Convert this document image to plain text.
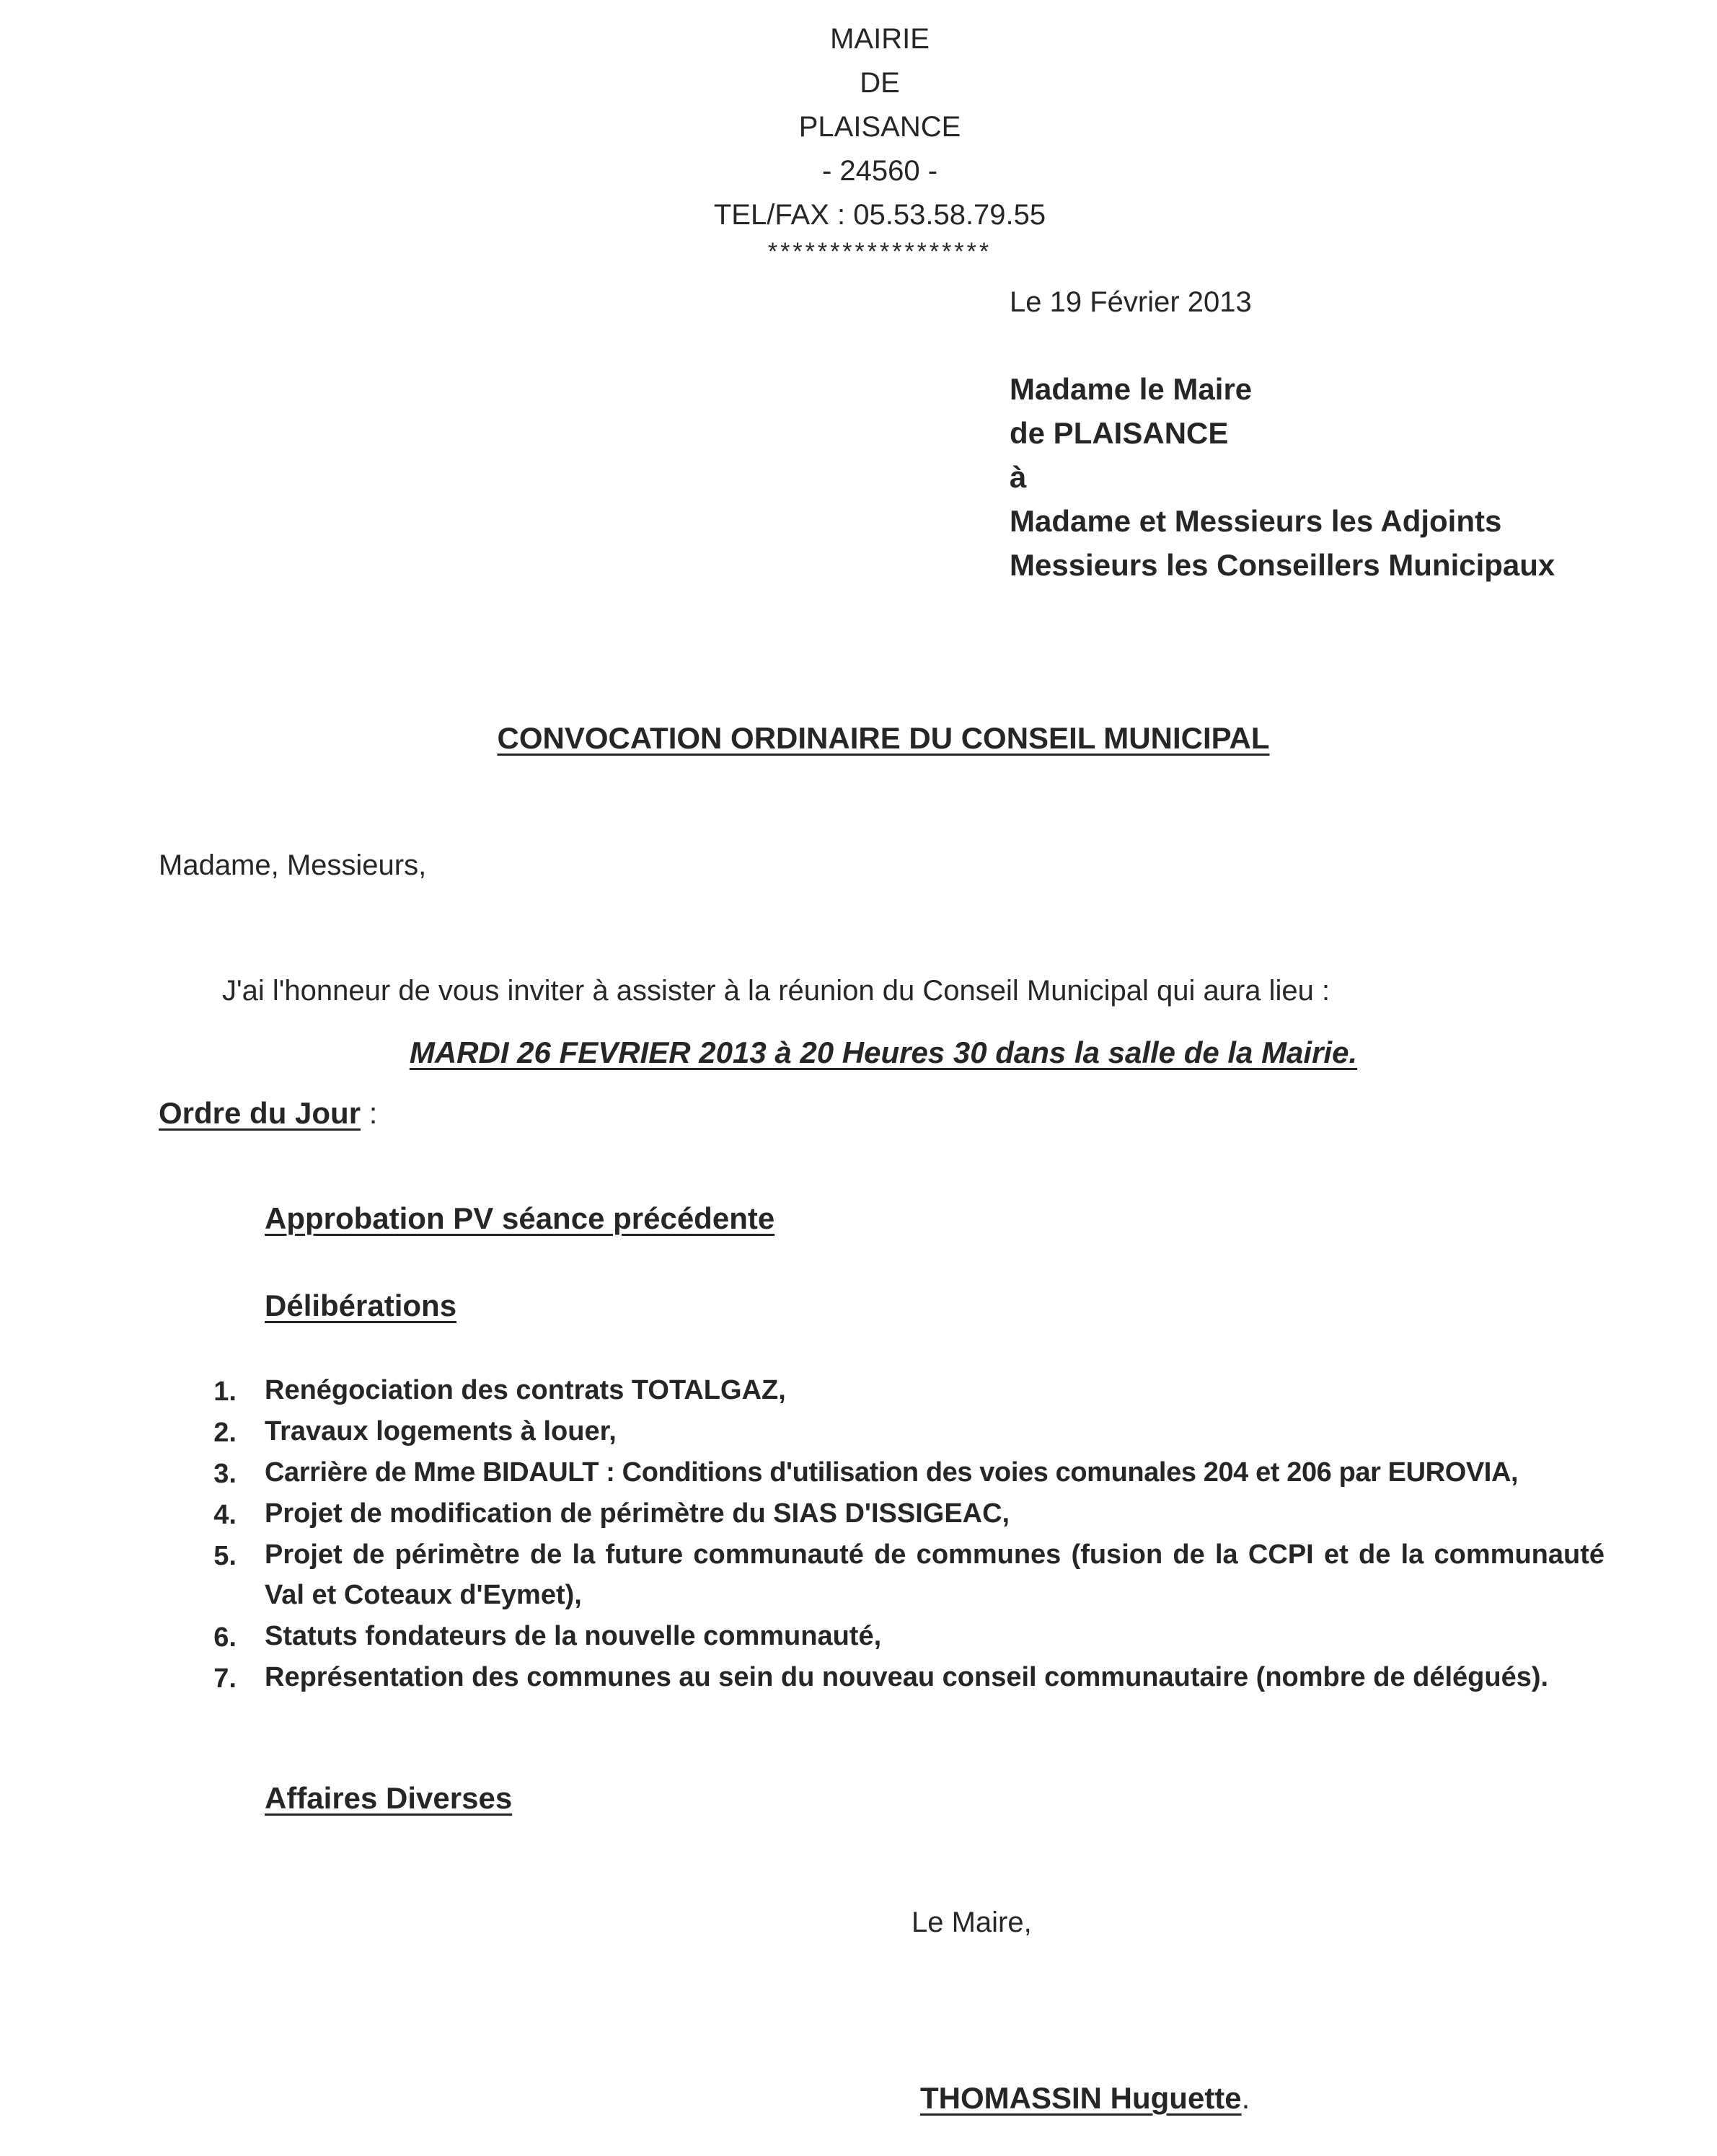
MAIRIE
DE
PLAISANCE
- 24560 -
TEL/FAX : 05.53.58.79.55
******************
Le 19 Février 2013
Madame le Maire
de PLAISANCE
à
Madame et Messieurs les Adjoints
Messieurs les Conseillers Municipaux
CONVOCATION ORDINAIRE DU CONSEIL MUNICIPAL
Madame, Messieurs,
J'ai l'honneur de vous inviter à assister à la réunion du Conseil Municipal qui aura lieu :
MARDI 26 FEVRIER 2013 à 20 Heures 30 dans la salle de la Mairie.
Ordre du Jour :
Approbation PV séance précédente
Délibérations
1. Renégociation des contrats TOTALGAZ,
2. Travaux logements à louer,
3. Carrière de Mme BIDAULT : Conditions d'utilisation des voies comunales 204 et 206 par EUROVIA,
4. Projet de modification de périmètre du SIAS D'ISSIGEAC,
5. Projet de périmètre de la future communauté de communes (fusion de la CCPI et de la communauté Val et Coteaux d'Eymet),
6. Statuts fondateurs de la nouvelle communauté,
7. Représentation des communes au sein du nouveau conseil communautaire (nombre de délégués).
Affaires Diverses
Le Maire,
THOMASSIN Huguette.
